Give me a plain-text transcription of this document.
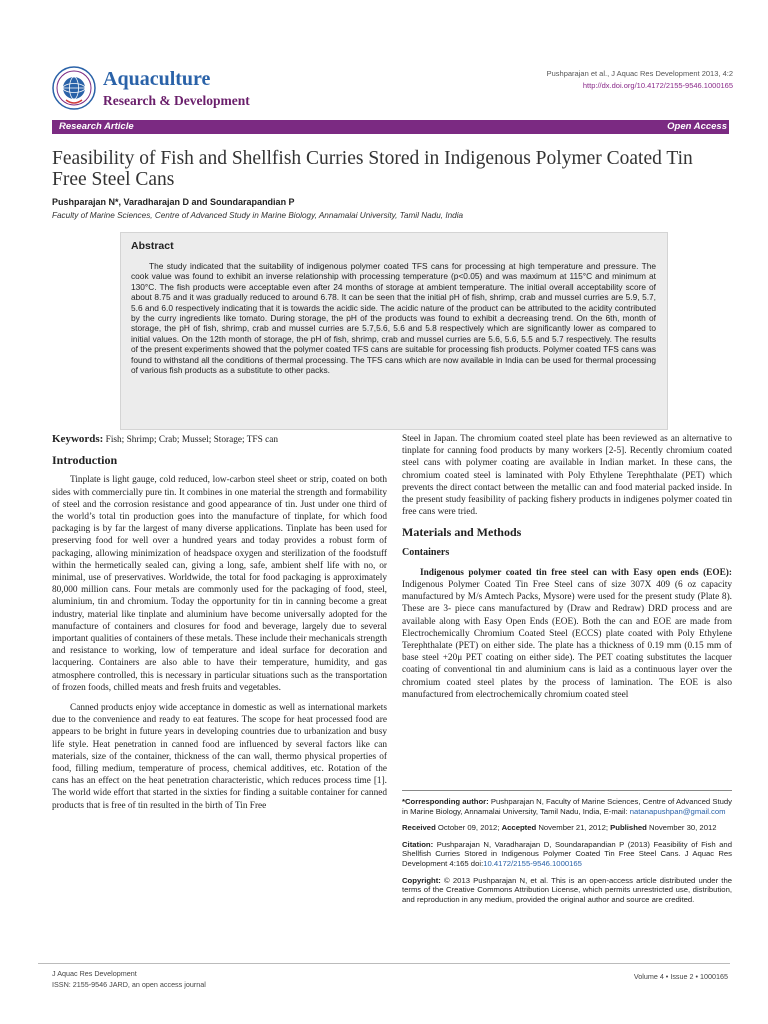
Aquaculture
Research & Development
Pushparajan et al., J Aquac Res Development 2013, 4:2
http://dx.doi.org/10.4172/2155-9546.1000165
Research Article	Open Access
Feasibility of Fish and Shellfish Curries Stored in Indigenous Polymer Coated Tin Free Steel Cans
Pushparajan N*, Varadharajan D and Soundarapandian P
Faculty of Marine Sciences, Centre of Advanced Study in Marine Biology, Annamalai University, Tamil Nadu, India
Abstract

The study indicated that the suitability of indigenous polymer coated TFS cans for processing at high temperature and pressure. The cook value was found to exhibit an inverse relationship with processing temperature (p<0.05) and was maximum at 115°C and minimum at 130°C. The fish products were acceptable even after 24 months of storage at ambient temperature. The initial overall acceptability score of about 8.75 and it was gradually reduced to around 6.78. It can be seen that the initial pH of fish, shrimp, crab and mussel curries are 5.9, 5.7, 5.6 and 6.0 respectively indicating that it is towards the acidic side. The acidic nature of the product can be attributed to the acidity contributed by the curry ingredients like tomato. During storage, the pH of the products was found to exhibit a decreasing trend. On the 6th, month of storage, the pH of fish, shrimp, crab and mussel curries are 5.7,5.6, 5.6 and 5.8 respectively which are significantly lower as compared to initial values. On the 12th month of storage, the pH of fish, shrimp, crab and mussel curries are 5.6, 5.6, 5.5 and 5.7 respectively. The results of the present experiments showed that the polymer coated TFS cans are suitable for processing fish products. Polymer coated TFS cans was found to withstand all the conditions of thermal processing. The TFS cans which are now available in India can be used for thermal processing of various fish products as a substitute to other packs.

Keywords: Fish; Shrimp; Crab; Mussel; Storage; TFS can
Introduction

Tinplate is light gauge, cold reduced, low-carbon steel sheet or strip, coated on both sides with commercially pure tin. It combines in one material the strength and formability of steel and the corrosion resistance and good appearance of tin. Just under one third of the world’s total tin production goes into the manufacture of tinplate, for which food packaging is by far the largest of many diverse applications. Tinplate has been used for preserving food for well over a hundred years and today provides a robust form of packaging, allowing minimization of headspace oxygen and sterilization of the foodstuff within the hermetically sealed can, giving a long, safe, ambient shelf life with no, or minimal, use of preservatives. Worldwide, the total for food packaging is approximately 80,000 million cans. Four metals are commonly used for the packaging of food, steel, aluminium, tin and chromium. Today the opportunity for tin in canning become a great industry, material like tinplate and aluminium have become universally adopted for the manufacture of containers and closures for food and beverage, largely due to several important qualities of containers of these metals. These include their mechanicals strength and resistance to working, low of temperature and ideal surface for decoration and lacquering. Containers are also able to have their temperature, humidity, and gas atmosphere controlled, this is necessary in particular situations such as the transportation of frozen foods, chilled meats and fresh fruits and vegetables.

Canned products enjoy wide acceptance in domestic as well as international markets due to the convenience and ready to eat features. The scope for heat processed food are appears to be bright in future years in developing countries due to urbanization and busy life style. Heat penetration in canned food are influenced by several factors like can materials, size of the container, thickness of the can wall, thermo physical properties of food, filling medium, temperature of process, chemical additives, etc. Rotation of the cans has an effect on the heat penetration characteristic, which reduces process time [1]. The world wide effort that started in the sixties for finding a suitable container for canned products that is free of tin resulted in the birth of Tin Free

Steel in Japan. The chromium coated steel plate has been reviewed as an alternative to tinplate for canning food products by many workers [2-5]. Recently chromium coated steel cans with polymer coating are available in Indian market. In these cans, the chromium coated steel is laminated with Poly Ethylene Terephthalate (PET) which prevents the direct contact between the metallic can and food material packed inside. In the present study feasibility of packing fishery products in indigenes polymer coated tin free cans were tried.

Materials and Methods
Containers

Indigenous polymer coated tin free steel can with Easy open ends (EOE): Indigenous Polymer Coated Tin Free Steel cans of size 307X 409 (6 oz capacity manufactured by M/s Amtech Packs, Mysore) were used for the present study (Plate 8). These are 3- piece cans manufactured by (Draw and Redraw) DRD process and are available along with Easy Open Ends (EOE). Both the can and EOE are made from Electrochemically Chromium Coated Steel (ECCS) plate coated with Poly Ethylene Terephthalate (PET) on either side. The plate has a thickness of 0.19 mm (0.15 mm of base steel +20μ PET coating on either side). The PET coating substitutes the lacquer coating of conventional tin and aluminium cans is laid as a continuous layer over the chromium coated steel plates by the process of lamination. The EOE is also manufactured from electrochemically chromium coated steel

*Corresponding author: Pushparajan N, Faculty of Marine Sciences, Centre of Advanced Study in Marine Biology, Annamalai University, Tamil Nadu, India, E-mail: natanapushpan@gmail.com

Received October 09, 2012; Accepted November 21, 2012; Published November 30, 2012

Citation: Pushparajan N, Varadharajan D, Soundarapandian P (2013) Feasibility of Fish and Shellfish Curries Stored in Indigenous Polymer Coated Tin Free Steel Cans. J Aquac Res Development 4:165 doi:10.4172/2155-9546.1000165

Copyright: © 2013 Pushparajan N, et al. This is an open-access article distributed under the terms of the Creative Commons Attribution License, which permits unrestricted use, distribution, and reproduction in any medium, provided the original author and source are credited.

J Aquac Res Development
ISSN: 2155-9546 JARD, an open access journal
Volume 4 • Issue 2 • 1000165
